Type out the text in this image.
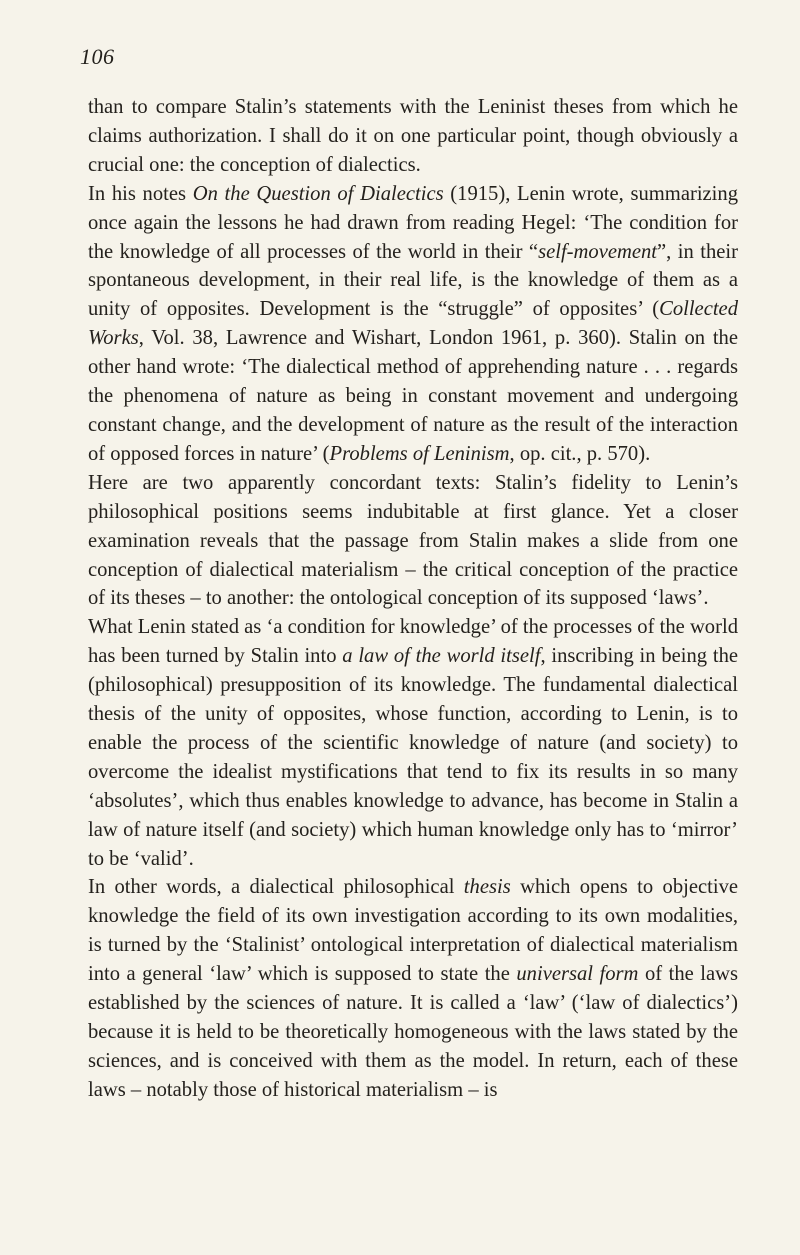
106

than to compare Stalin’s statements with the Leninist theses from which he claims authorization. I shall do it on one particular point, though obviously a crucial one: the conception of dialectics.

In his notes On the Question of Dialectics (1915), Lenin wrote, summarizing once again the lessons he had drawn from reading Hegel: ‘The condition for the knowledge of all processes of the world in their “self-movement”, in their spontaneous development, in their real life, is the knowledge of them as a unity of opposites. Development is the “struggle” of opposites’ (Collected Works, Vol. 38, Lawrence and Wishart, London 1961, p. 360). Stalin on the other hand wrote: ‘The dialectical method of apprehending nature . . . regards the phenomena of nature as being in constant movement and undergoing constant change, and the development of nature as the result of the interaction of opposed forces in nature’ (Problems of Leninism, op. cit., p. 570).

Here are two apparently concordant texts: Stalin’s fidelity to Lenin’s philosophical positions seems indubitable at first glance. Yet a closer examination reveals that the passage from Stalin makes a slide from one conception of dialectical materialism – the critical conception of the practice of its theses – to another: the ontological conception of its supposed ‘laws’.

What Lenin stated as ‘a condition for knowledge’ of the processes of the world has been turned by Stalin into a law of the world itself, inscribing in being the (philosophical) presupposition of its knowledge. The fundamental dialectical thesis of the unity of opposites, whose function, according to Lenin, is to enable the process of the scientific knowledge of nature (and society) to overcome the idealist mystifications that tend to fix its results in so many ‘absolutes’, which thus enables knowledge to advance, has become in Stalin a law of nature itself (and society) which human knowledge only has to ‘mirror’ to be ‘valid’.

In other words, a dialectical philosophical thesis which opens to objective knowledge the field of its own investigation according to its own modalities, is turned by the ‘Stalinist’ ontological interpretation of dialectical materialism into a general ‘law’ which is supposed to state the universal form of the laws established by the sciences of nature. It is called a ‘law’ (‘law of dialectics’) because it is held to be theoretically homogeneous with the laws stated by the sciences, and is conceived with them as the model. In return, each of these laws – notably those of historical materialism – is
